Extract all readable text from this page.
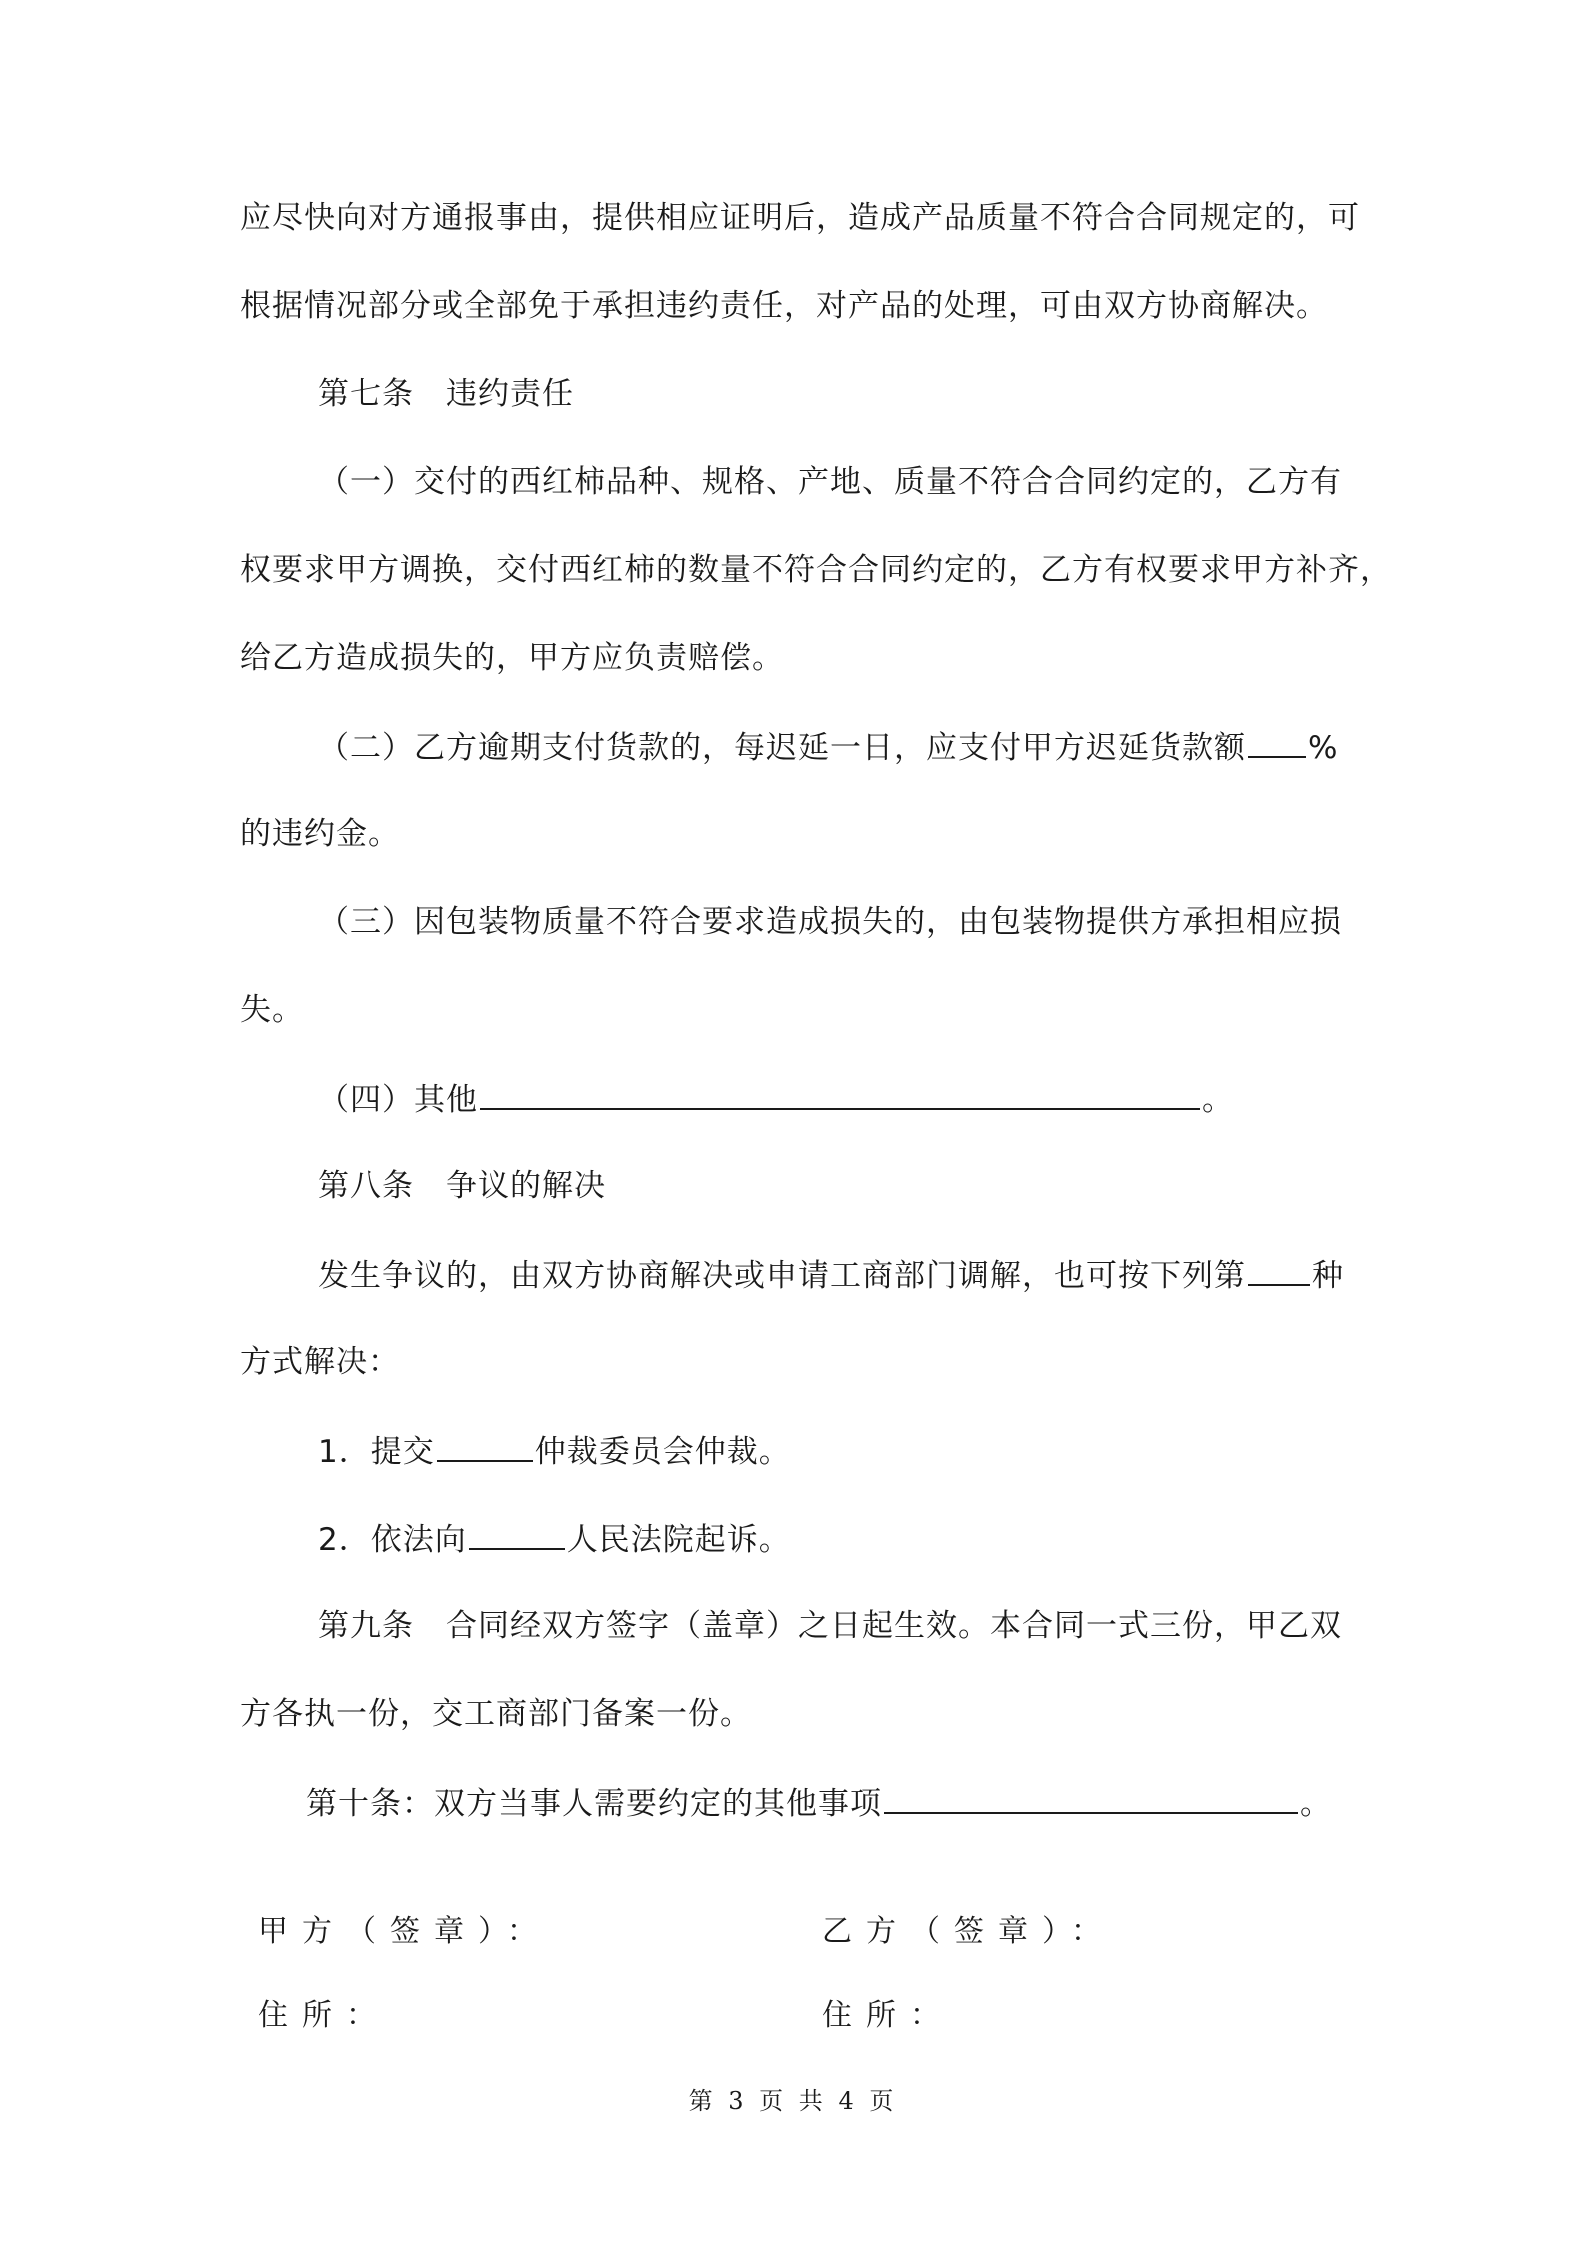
应尽快向对方通报事由，提供相应证明后，造成产品质量不符合合同规定的，可
根据情况部分或全部免于承担违约责任，对产品的处理，可由双方协商解决。
第七条　违约责任
（一）交付的西红柿品种、规格、产地、质量不符合合同约定的，乙方有
权要求甲方调换，交付西红柿的数量不符合合同约定的，乙方有权要求甲方补齐，
给乙方造成损失的，甲方应负责赔偿。
（二）乙方逾期支付货款的，每迟延一日，应支付甲方迟延货款额 %
的违约金。
（三）因包装物质量不符合要求造成损失的，由包装物提供方承担相应损
失。
（四）其他	。
第八条　争议的解决
发生争议的，由双方协商解决或申请工商部门调解，也可按下列第 种
方式解决：
1．提交	仲裁委员会仲裁。
2．依法向	人民法院起诉。
第九条　合同经双方签字（盖章）之日起生效。本合同一式三份，甲乙双
方各执一份，交工商部门备案一份。
第十条：双方当事人需要约定的其他事项	。
甲方（签章）：	乙方（签章）：
住所：	住所：
第 3 页 共 4 页
